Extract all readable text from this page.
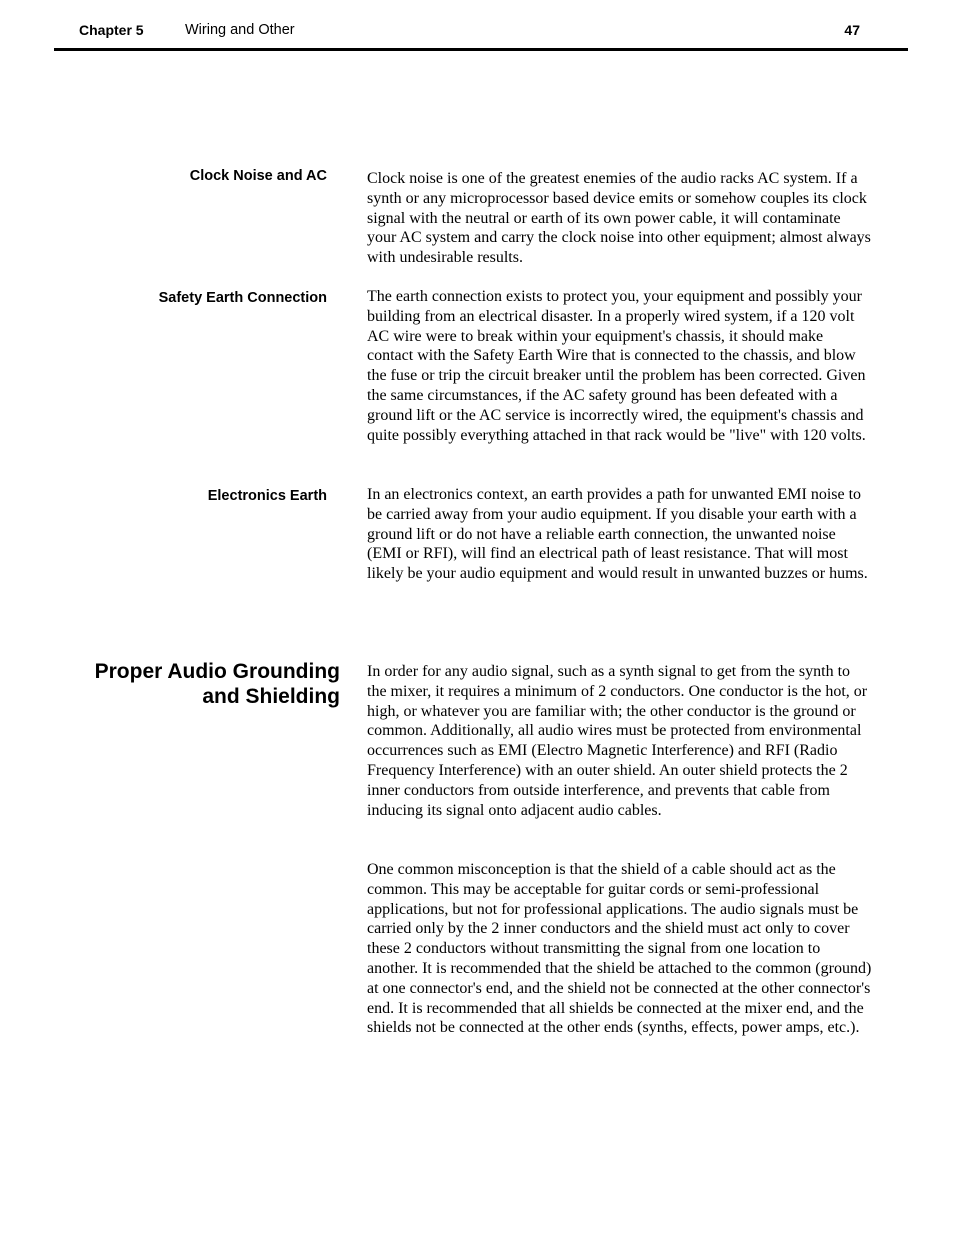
Chapter 5	Wiring and Other	47
Clock Noise and AC	Clock noise is one of the greatest enemies of the audio racks AC system. If a synth or any microprocessor based device emits or somehow couples its clock signal with the neutral or earth of its own power cable, it will contaminate your AC system and carry the clock noise into other equipment; almost always with undesirable results.

Safety Earth Connection	The earth connection exists to protect you, your equipment and possibly your building from an electrical disaster. In a properly wired system, if a 120 volt AC wire were to break within your equipment's chassis, it should make contact with the Safety Earth Wire that is connected to the chassis, and blow the fuse or trip the circuit breaker until the problem has been corrected. Given the same circumstances, if the AC safety ground has been defeated with a ground lift or the AC service is incorrectly wired, the equipment's chassis and quite possibly everything attached in that rack would be "live" with 120 volts.

Electronics Earth	In an electronics context, an earth provides a path for unwanted EMI noise to be carried away from your audio equipment. If you disable your earth with a ground lift or do not have a reliable earth connection, the unwanted noise (EMI or RFI), will find an electrical path of least resistance. That will most likely be your audio equipment and would result in unwanted buzzes or hums.

Proper Audio Grounding
and Shielding

In order for any audio signal, such as a synth signal to get from the synth to the mixer, it requires a minimum of 2 conductors. One conductor is the hot, or high, or whatever you are familiar with; the other conductor is the ground or common. Additionally, all audio wires must be protected from environmental occurrences such as EMI (Electro Magnetic Interference) and RFI (Radio Frequency Interference) with an outer shield. An outer shield protects the 2 inner conductors from outside interference, and prevents that cable from inducing its signal onto adjacent audio cables.

One common misconception is that the shield of a cable should act as the common. This may be acceptable for guitar cords or semi-professional applications, but not for professional applications. The audio signals must be carried only by the 2 inner conductors and the shield must act only to cover these 2 conductors without transmitting the signal from one location to another. It is recommended that the shield be attached to the common (ground) at one connector's end, and the shield not be connected at the other connector's end. It is recommended that all shields be connected at the mixer end, and the shields not be connected at the other ends (synths, effects, power amps, etc.).
